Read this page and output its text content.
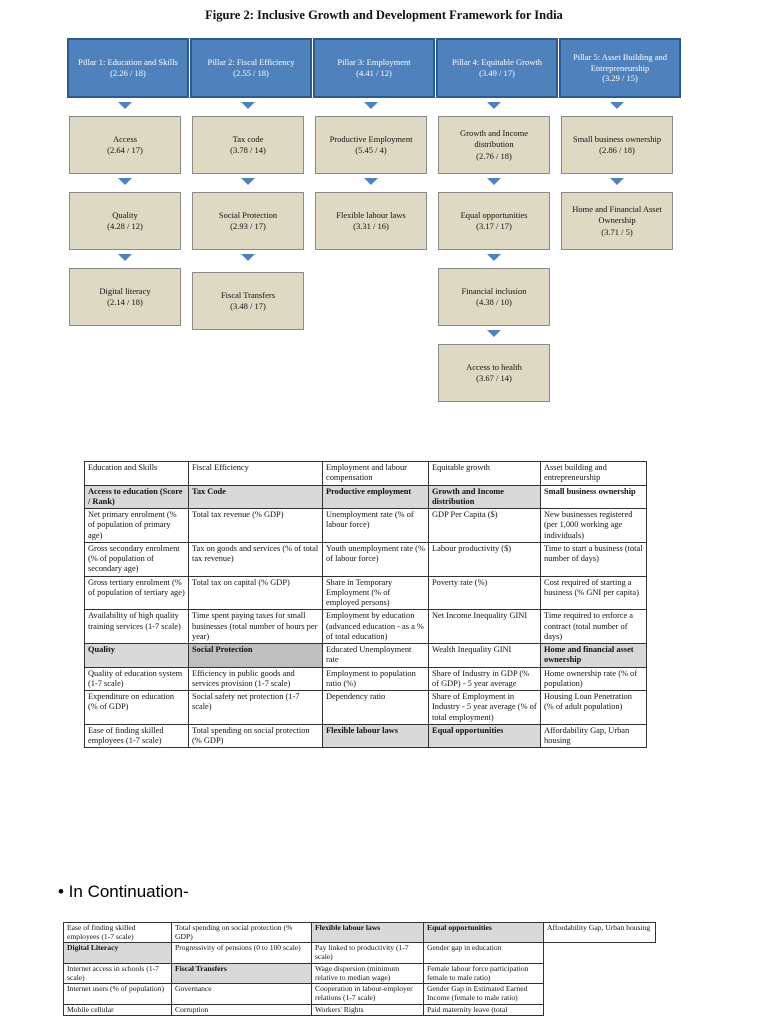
Figure 2: Inclusive Growth and Development Framework for India
Pillar 1: Education and Skills
(2.26 / 18)
Pillar 2: Fiscal Efficiency
(2.55 / 18)
Pillar 3: Employment
(4.41 / 12)
Pillar 4: Equitable Growth
(3.49 / 17)
Pillar 5: Asset Building and Entrepreneurship
(3.29 / 15)
Access
(2.64 / 17)
Tax code
(3.78 / 14)
Productive Employment
(5.45 / 4)
Growth and Income distribution
(2.76 / 18)
Small business ownership
(2.86 / 18)
Quality
(4.28 / 12)
Social Protection
(2.93 / 17)
Flexible labour laws
(3.31 / 16)
Equal opportunities
(3.17 / 17)
Home and Financial Asset Ownership
(3.71 / 5)
Digital literacy
(2.14 / 18)
Fiscal Transfers
(3.48 / 17)
Financial inclusion
(4.38 / 10)
Access to health
(3.67 / 14)
Education and Skills	Fiscal Efficiency	Employment and labour compensation	Equitable growth	Asset building and entrepreneurship
Access to education (Score / Rank)	Tax Code	Productive employment	Growth and Income distribution	Small business ownership
Net primary enrolment (% of population of primary age)	Total tax revenue (% GDP)	Unemployment rate (% of labour force)	GDP Per Capita ($)	New businesses registered (per 1,000 working age individuals)
Gross secondary enrolment (% of population of secondary age)	Tax on goods and services (% of total tax revenue)	Youth unemployment rate (% of labour force)	Labour productivity ($)	Time to start a business (total number of days)
Gross tertiary enrolment (% of population of tertiary age)	Total tax on capital (% GDP)	Share in Temporary Employment (% of employed persons)	Poverty rate (%)	Cost required of starting a business (% GNI per capita)
Availability of high quality training services (1-7 scale)	Time spent paying taxes for small businesses (total number of hours per year)	Employment by education (advanced education - as a % of total education)	Net Income Inequality GINI	Time required to enforce a contract (total number of days)
Quality	Social Protection	Educated Unemployment rate	Wealth Inequality GINI	Home and financial asset ownership
Quality of education system (1-7 scale)	Efficiency in public goods and services provision (1-7 scale)	Employment to population ratio (%)	Share of Industry in GDP (% of GDP) - 5 year average	Home ownership rate (% of population)
Expenditure on education (% of GDP)	Social safety net protection (1-7 scale)	Dependency ratio	Share of Employment in Industry - 5 year average (% of total employment)	Housing Loan Penetration (% of adult population)
Ease of finding skilled employees (1-7 scale)	Total spending on social protection (% GDP)	Flexible labour laws	Equal opportunities	Affordability Gap, Urban housing
• In Continuation-
Ease of finding skilled employees (1-7 scale)	Total spending on social protection (% GDP)	Flexible labour laws	Equal opportunities	Affordability Gap, Urban housing
Digital Literacy	Progressivity of pensions (0 to 100 scale)	Pay linked to productivity (1-7 scale)	Gender gap in education	
Internet access in schools (1-7 scale)	Fiscal Transfers	Wage dispersion (minimum relative to median wage)	Female labour force participation female to male ratio)	
Internet users (% of population)	Governance	Cooperation in labour-employer relations (1-7 scale)	Gender Gap in Estimated Earned Income (female to male ratio)	
Mobile cellular	Corruption	Workers' Rights	Paid maternity leave (total	
